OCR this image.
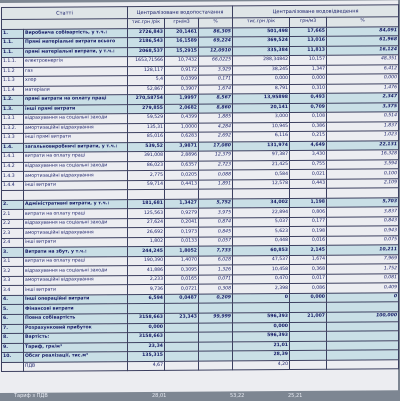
Статті		Централізоване водопостачання			Централізоване водовідведення		
		тис.грн /рік	грн/м3	%	тис.грн /рік	грн/м3	%
1.	Виробнича собівартість, у т.ч.:	2726,843	20,1461	86,305	501,498	17,665	84,091
1.1.	Прямі матеріальні витрати всього	2186,543	16,1589	69,224	369,524	13,016	61,968
1.1.	прямі матеріальні витрати, у т.ч.:	2068,537	15,2915	12,0910	335,384	11,813	16,124
1.1.1.	електроенергія	1653,71566	10,7432	66,0225	288,34842	10,157	48,351
1.1.2	газ	128,117	0,9172	3,929	38,245	1,347	6,412
1.1.3	хлор	5,4	0,0399	0,171	0,000	0,000	0,000
1.1.4	матеріали	52,867	0,3907	1,674	8,791	0,310	1,476
1.2.	прямі витрати на оплату праці	270,58754	1,9997	8,567	13,95898	0,493	2,347
1.3.	інші прямі витрати	279,855	2,0682	8,860	20,141	0,709	3,375
1.3.1	відрахування на соціальні заходи	59,529	0,4399	1,885	3,000	0,108	0,514
1.3.2.	амортизаційні відрахування	135,31	1,0000	4,284	10,945	0,386	1,837
1.3.3	інші прямі витрати	85,016	0,6283	2,692	6,116	0,215	1,023
1.4.	загальновиробничі витрати, у т.ч.:	539,52	3,9871	17,080	131,974	4,649	22,131
1.4.1	витрати на оплату праці	391,008	2,8896	12,379	97,387	3,430	16,328
1.4.2	відрахування на соціальні заходи	86,023	0,6357	2,723	21,425	0,755	3,594
1.4.3	амортизаційні відрахування	2,775	0,0205	0,088	0,584	0,021	0,100
1.4.4	інші витрати	59,714	0,4413	1,891	12,578	0,443	2,109

2.	Адміністративні витрати, у т.ч.:	181,681	1,3427	5,752	34,002	1,198	5,703
2.1	витрати на оплату праці	125,563	0,9279	3,975	22,894	0,806	3,837
2.2	відрахування на соціальні заходи	27,624	0,2041	0,874	5,037	0,177	0,843
2.3	амортизаційні відрахування	26,692	0,1973	0,845	5,623	0,198	0,943
2.4	інші витрати	1,802	0,0133	0,057	0,448	0,016	0,075
3.	Витрати на збут, у т.ч.:	244,245	1,8052	7,733	60,853	2,145	10,211
3.1	витрати на оплату праці	190,390	1,4070	6,028	47,537	1,674	7,969
3.2	відрахування на соціальні заходи	41,886	0,3095	1,326	10,458	0,368	1,752
3.3	амортизаційні відрахування	2,233	0,0165	0,071	0,470	0,017	0,081
3.4	інші витрати	9,736	0,0721	0,308	2,398	0,086	0,409
4.	Інші операційні витрати	6,594	0,0487	0,209	0	0,000	0
5.	Фінансові витрати						
6.	Повна собівартість	3158,663	23,343	99,999	596,393	21,007	100,000
7.	Розрахунковий прибуток	0,000			0,000		
8.	Вартість:	3158,663			596,393		
9.	Тариф, грн/м³	23,34			21,01		
10.	Обсяг реалізації, тис.м³	135,315			28,39		
	ПДВ	4,67			4,20		
Тариф з ПДВ	28,01	53,22	25,21
